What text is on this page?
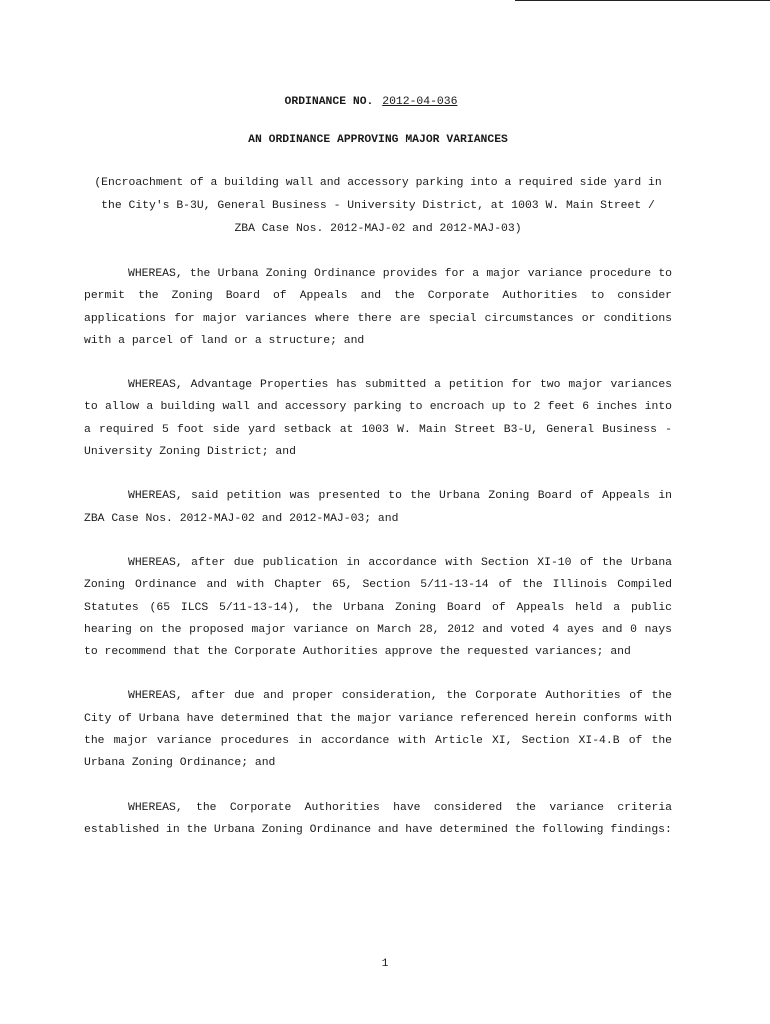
ORDINANCE NO. 2012-04-036
AN ORDINANCE APPROVING MAJOR VARIANCES
(Encroachment of a building wall and accessory parking into a required side yard in the City's B-3U, General Business - University District, at 1003 W. Main Street / ZBA Case Nos. 2012-MAJ-02 and 2012-MAJ-03)
WHEREAS, the Urbana Zoning Ordinance provides for a major variance procedure to permit the Zoning Board of Appeals and the Corporate Authorities to consider applications for major variances where there are special circumstances or conditions with a parcel of land or a structure; and
WHEREAS, Advantage Properties has submitted a petition for two major variances to allow a building wall and accessory parking to encroach up to 2 feet 6 inches into a required 5 foot side yard setback at 1003 W. Main Street B3-U, General Business - University Zoning District; and
WHEREAS, said petition was presented to the Urbana Zoning Board of Appeals in ZBA Case Nos. 2012-MAJ-02 and 2012-MAJ-03; and
WHEREAS, after due publication in accordance with Section XI-10 of the Urbana Zoning Ordinance and with Chapter 65, Section 5/11-13-14 of the Illinois Compiled Statutes (65 ILCS 5/11-13-14), the Urbana Zoning Board of Appeals held a public hearing on the proposed major variance on March 28, 2012 and voted 4 ayes and 0 nays to recommend that the Corporate Authorities approve the requested variances; and
WHEREAS, after due and proper consideration, the Corporate Authorities of the City of Urbana have determined that the major variance referenced herein conforms with the major variance procedures in accordance with Article XI, Section XI-4.B of the Urbana Zoning Ordinance; and
WHEREAS, the Corporate Authorities have considered the variance criteria established in the Urbana Zoning Ordinance and have determined the following findings:
1
